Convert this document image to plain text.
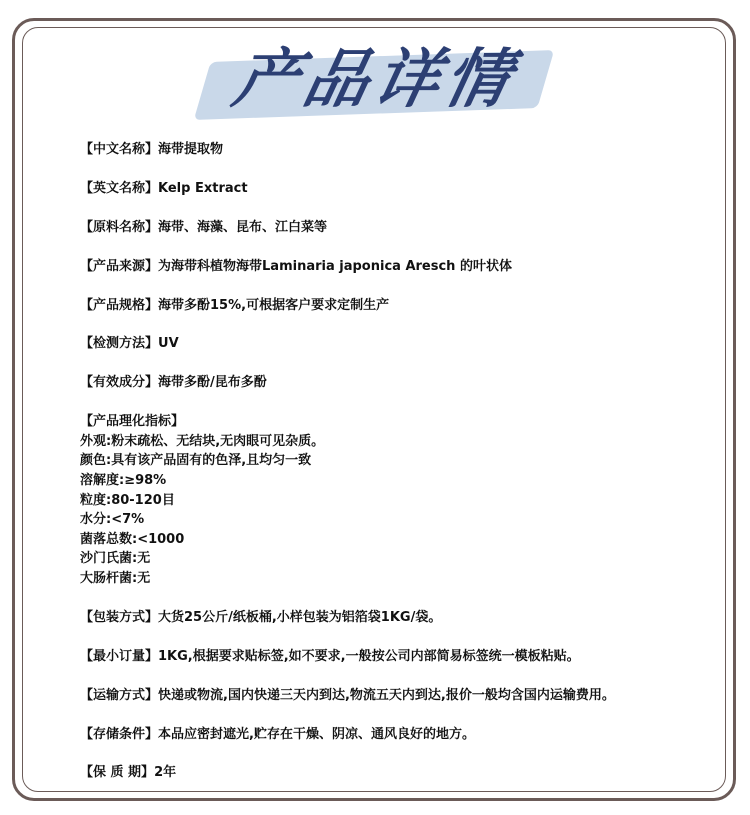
产品详情

【中文名称】海带提取物

【英文名称】Kelp Extract

【原料名称】海带、海藻、昆布、江白菜等

【产品来源】为海带科植物海带Laminaria japonica Aresch 的叶状体

【产品规格】海带多酚15%,可根据客户要求定制生产

【检测方法】UV

【有效成分】海带多酚/昆布多酚

【产品理化指标】

外观:粉末疏松、无结块,无肉眼可见杂质。

颜色:具有该产品固有的色泽,且均匀一致

溶解度:≥98%

粒度:80-120目

水分:<7%

菌落总数:<1000

沙门氏菌:无

大肠杆菌:无

【包装方式】大货25公斤/纸板桶,小样包装为铝箔袋1KG/袋。

【最小订量】1KG,根据要求贴标签,如不要求,一般按公司内部简易标签统一模板粘贴。

【运输方式】快递或物流,国内快递三天内到达,物流五天内到达,报价一般均含国内运输费用。

【存储条件】本品应密封遮光,贮存在干燥、阴凉、通风良好的地方。

【保 质 期】2年
